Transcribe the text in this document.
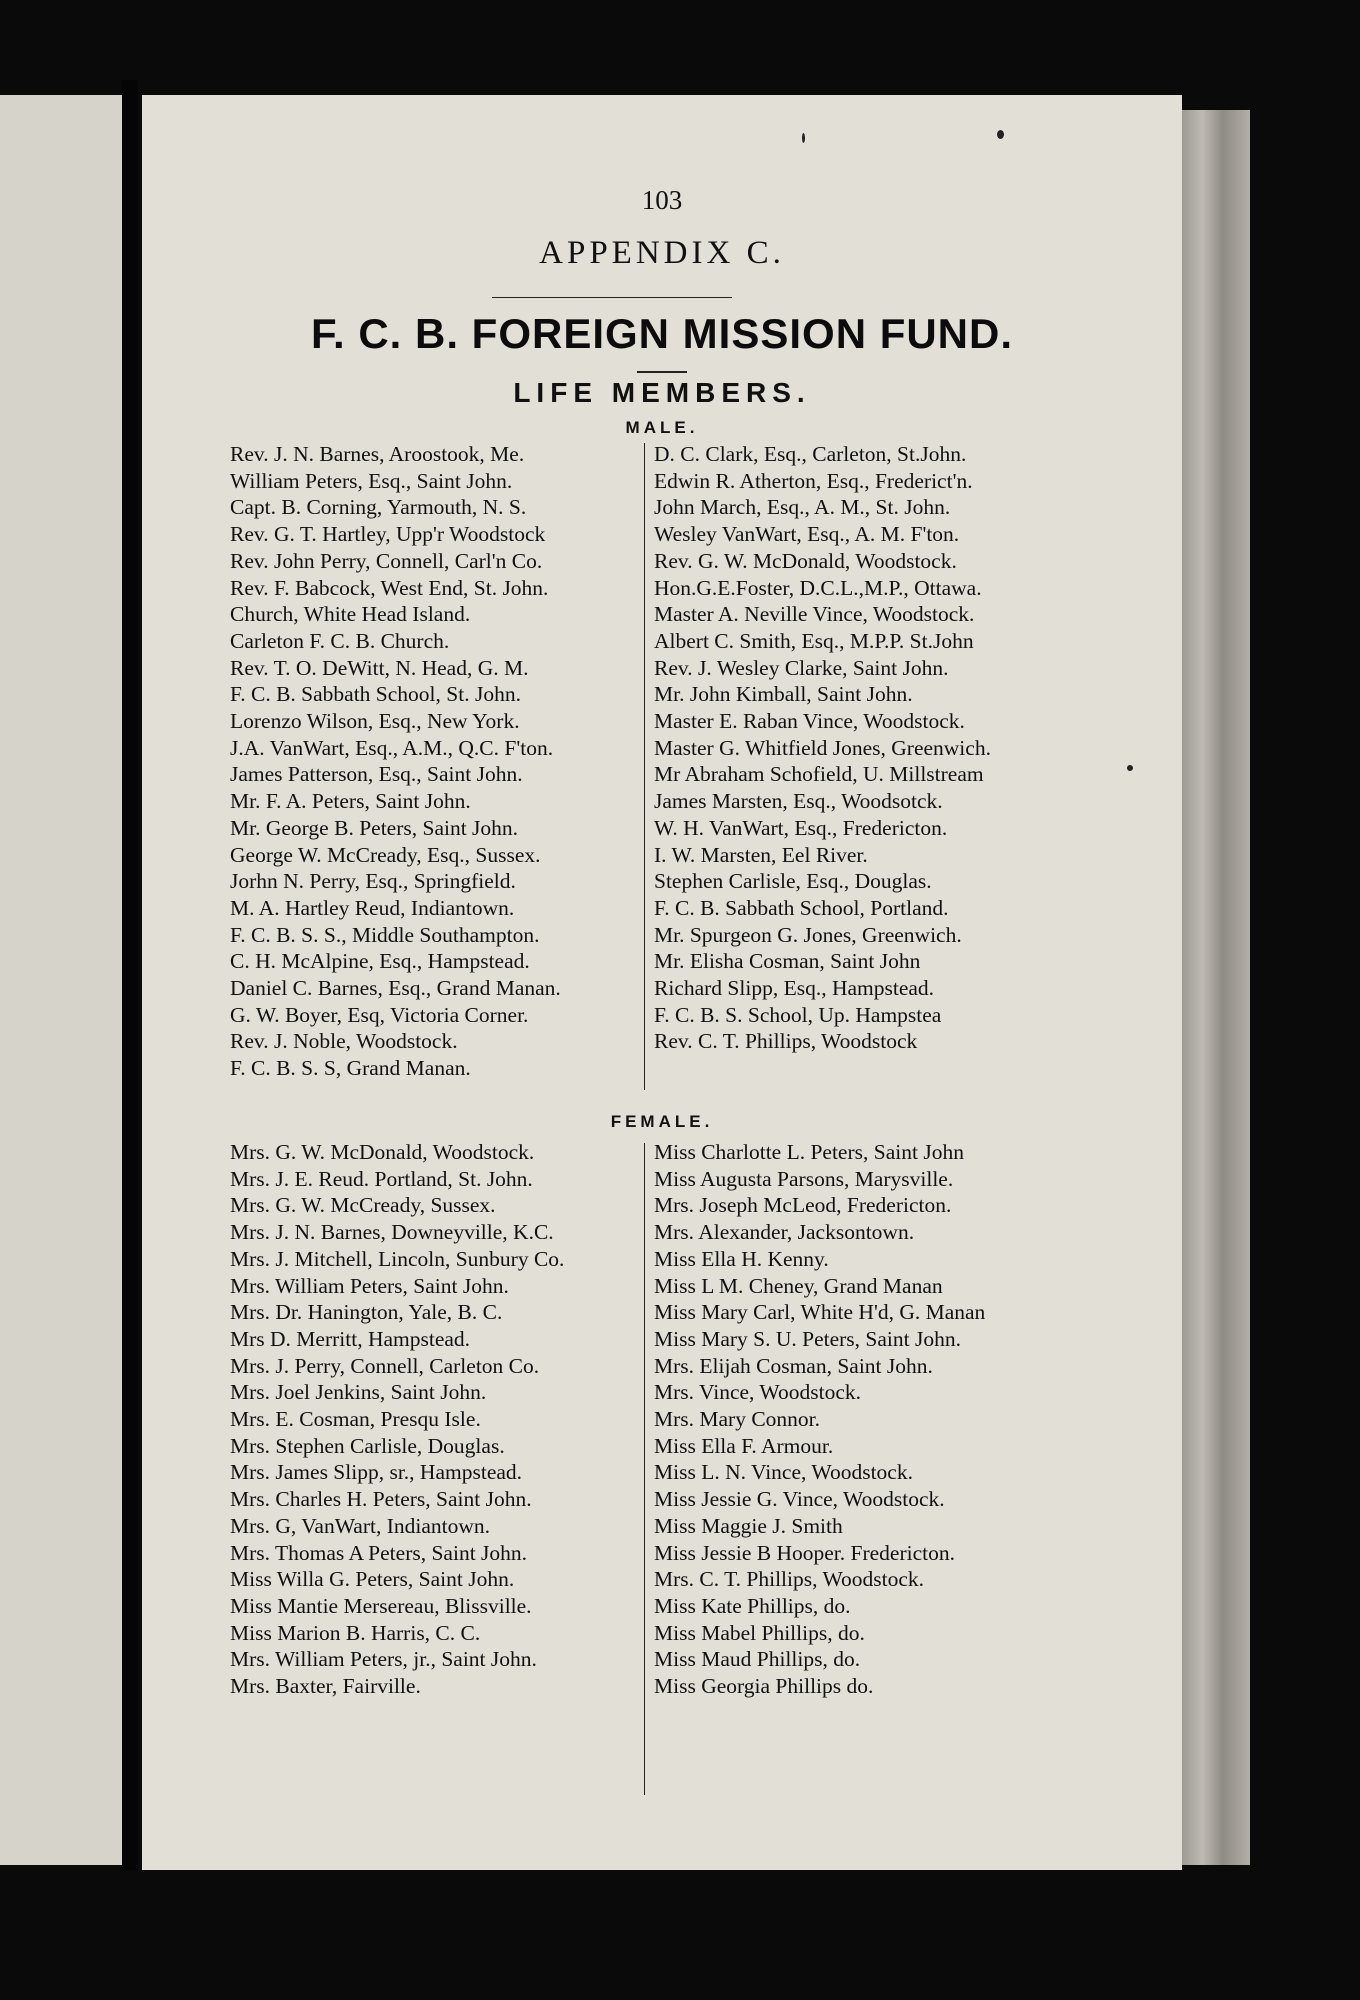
103
APPENDIX C.
F. C. B. FOREIGN MISSION FUND.
LIFE MEMBERS.
MALE.
Rev. J. N. Barnes, Aroostook, Me.
William Peters, Esq., Saint John.
Capt. B. Corning, Yarmouth, N. S.
Rev. G. T. Hartley, Upp'r Woodstock
Rev. John Perry, Connell, Carl'n Co.
Rev. F. Babcock, West End, St. John.
Church, White Head Island.
Carleton F. C. B. Church.
Rev. T. O. DeWitt, N. Head, G. M.
F. C. B. Sabbath School, St. John.
Lorenzo Wilson, Esq., New York.
J.A. VanWart, Esq., A.M., Q.C. F'ton.
James Patterson, Esq., Saint John.
Mr. F. A. Peters, Saint John.
Mr. George B. Peters, Saint John.
George W. McCready, Esq., Sussex.
Jorhn N. Perry, Esq., Springfield.
M. A. Hartley Reud, Indiantown.
F. C. B. S. S., Middle Southampton.
C. H. McAlpine, Esq., Hampstead.
Daniel C. Barnes, Esq., Grand Manan.
G. W. Boyer, Esq, Victoria Corner.
Rev. J. Noble, Woodstock.
F. C. B. S. S, Grand Manan.
D. C. Clark, Esq., Carleton, St.John.
Edwin R. Atherton, Esq., Frederict'n.
John March, Esq., A. M., St. John.
Wesley VanWart, Esq., A. M. F'ton.
Rev. G. W. McDonald, Woodstock.
Hon.G.E.Foster, D.C.L.,M.P., Ottawa.
Master A. Neville Vince, Woodstock.
Albert C. Smith, Esq., M.P.P. St.John
Rev. J. Wesley Clarke, Saint John.
Mr. John Kimball, Saint John.
Master E. Raban Vince, Woodstock.
Master G. Whitfield Jones, Greenwich.
Mr Abraham Schofield, U. Millstream
James Marsten, Esq., Woodsotck.
W. H. VanWart, Esq., Fredericton.
I. W. Marsten, Eel River.
Stephen Carlisle, Esq., Douglas.
F. C. B. Sabbath School, Portland.
Mr. Spurgeon G. Jones, Greenwich.
Mr. Elisha Cosman, Saint John
Richard Slipp, Esq., Hampstead.
F. C. B. S. School, Up. Hampstea
Rev. C. T. Phillips, Woodstock
FEMALE.
Mrs. G. W. McDonald, Woodstock.
Mrs. J. E. Reud. Portland, St. John.
Mrs. G. W. McCready, Sussex.
Mrs. J. N. Barnes, Downeyville, K.C.
Mrs. J. Mitchell, Lincoln, Sunbury Co.
Mrs. William Peters, Saint John.
Mrs. Dr. Hanington, Yale, B. C.
Mrs D. Merritt, Hampstead.
Mrs. J. Perry, Connell, Carleton Co.
Mrs. Joel Jenkins, Saint John.
Mrs. E. Cosman, Presqu Isle.
Mrs. Stephen Carlisle, Douglas.
Mrs. James Slipp, sr., Hampstead.
Mrs. Charles H. Peters, Saint John.
Mrs. G, VanWart, Indiantown.
Mrs. Thomas A Peters, Saint John.
Miss Willa G. Peters, Saint John.
Miss Mantie Mersereau, Blissville.
Miss Marion B. Harris, C. C.
Mrs. William Peters, jr., Saint John.
Mrs. Baxter, Fairville.
Miss Charlotte L. Peters, Saint John
Miss Augusta Parsons, Marysville.
Mrs. Joseph McLeod, Fredericton.
Mrs. Alexander, Jacksontown.
Miss Ella H. Kenny.
Miss L M. Cheney, Grand Manan
Miss Mary Carl, White H'd, G. Manan
Miss Mary S. U. Peters, Saint John.
Mrs. Elijah Cosman, Saint John.
Mrs. Vince, Woodstock.
Mrs. Mary Connor.
Miss Ella F. Armour.
Miss L. N. Vince, Woodstock.
Miss Jessie G. Vince, Woodstock.
Miss Maggie J. Smith
Miss Jessie B Hooper. Fredericton.
Mrs. C. T. Phillips, Woodstock.
Miss Kate Phillips, do.
Miss Mabel Phillips, do.
Miss Maud Phillips, do.
Miss Georgia Phillips do.
